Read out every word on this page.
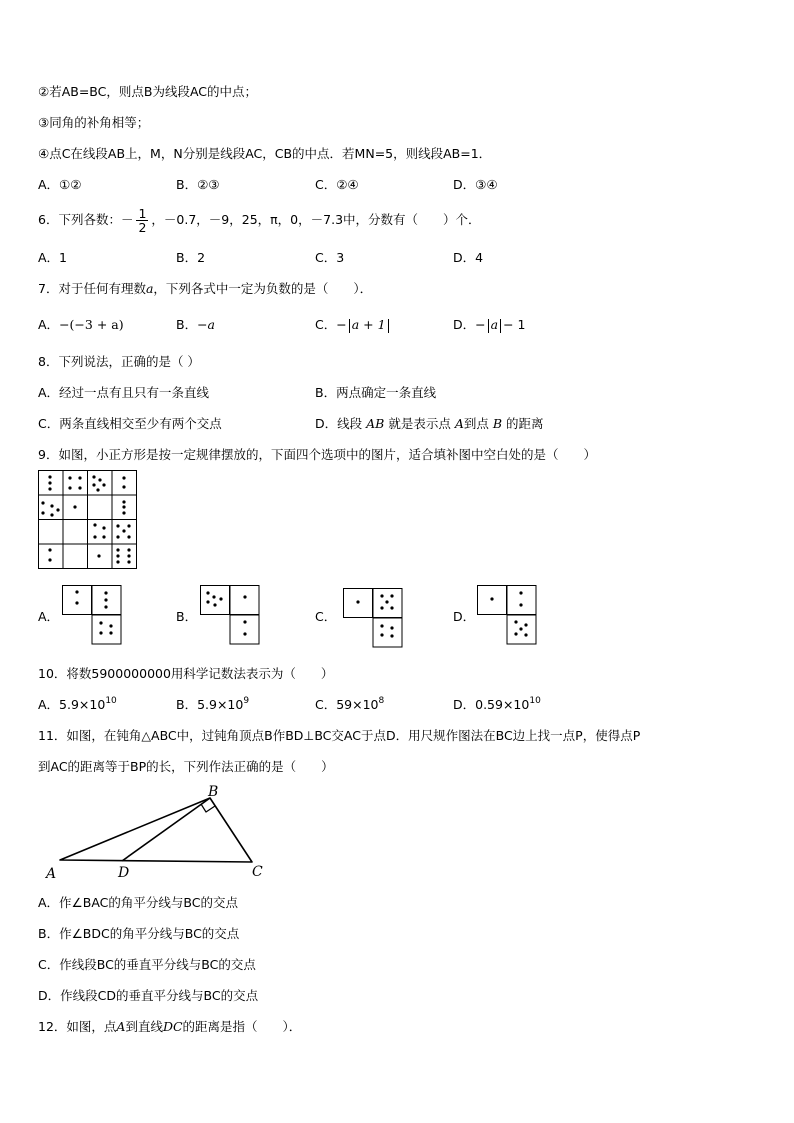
②若AB=BC，则点B为线段AC的中点；
③同角的补角相等；
④点C在线段AB上，M，N分别是线段AC，CB的中点．若MN=5，则线段AB=1．
A．①②	B．②③	C．②④	D．③④
6．下列各数：－ $\frac{1}{2}$ ，－0.7，－9，25，π，0，－7.3中，分数有（　　）个．
A．1	B．2	C．3	D．4
7．对于任何有理数a，下列各式中一定为负数的是（　　）．
A．−(−3 + a)	B．−a	C．− a + 1	D．− a − 1
8．下列说法，正确的是（ ）
A．经过一点有且只有一条直线	B．两点确定一条直线
C．两条直线相交至少有两个交点	D．线段 AB 就是表示点 A到点 B 的距离
9．如图，小正方形是按一定规律摆放的，下面四个选项中的图片，适合填补图中空白处的是（　　）
A．	B．	C．	D．
10．将数5900000000用科学记数法表示为（　　）
A．$5.9\times 10^{10}$	B．$5.9\times 10^9$	C．$59\times 10^8$	D．$0.59\times 10^{10}$
11．如图，在钝角△ABC中，过钝角顶点B作BD⊥BC交AC于点D．用尺规作图法在BC边上找一点P，使得点P
到AC的距离等于BP的长，下列作法正确的是（　　）
A
B
D	C
A．作∠BAC的角平分线与BC的交点
B．作∠BDC的角平分线与BC的交点
C．作线段BC的垂直平分线与BC的交点
D．作线段CD的垂直平分线与BC的交点
12．如图，点A到直线DC的距离是指（　　）．
